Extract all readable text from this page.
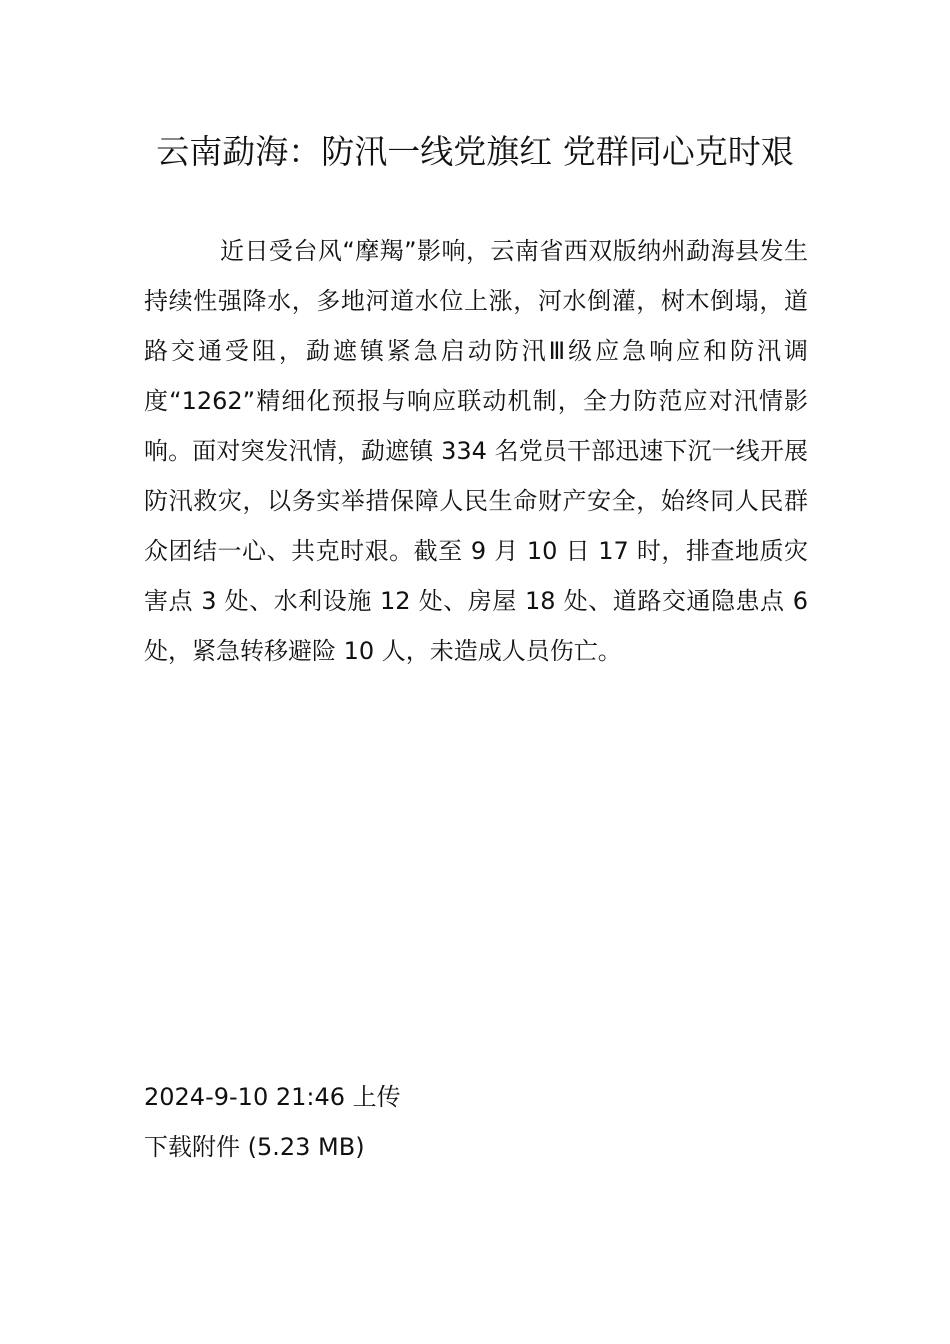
云南勐海：防汛一线党旗红 党群同心克时艰

近日受台风“摩羯”影响，云南省西双版纳州勐海县发生持续性强降水，多地河道水位上涨，河水倒灌，树木倒塌，道路交通受阻，勐遮镇紧急启动防汛Ⅲ级应急响应和防汛调度“1262”精细化预报与响应联动机制，全力防范应对汛情影响。面对突发汛情，勐遮镇 334 名党员干部迅速下沉一线开展防汛救灾，以务实举措保障人民生命财产安全，始终同人民群众团结一心、共克时艰。截至 9 月 10 日 17 时，排查地质灾害点 3 处、水利设施 12 处、房屋 18 处、道路交通隐患点 6 处，紧急转移避险 10 人，未造成人员伤亡。

2024-9-10 21:46 上传
下载附件 (5.23 MB)
